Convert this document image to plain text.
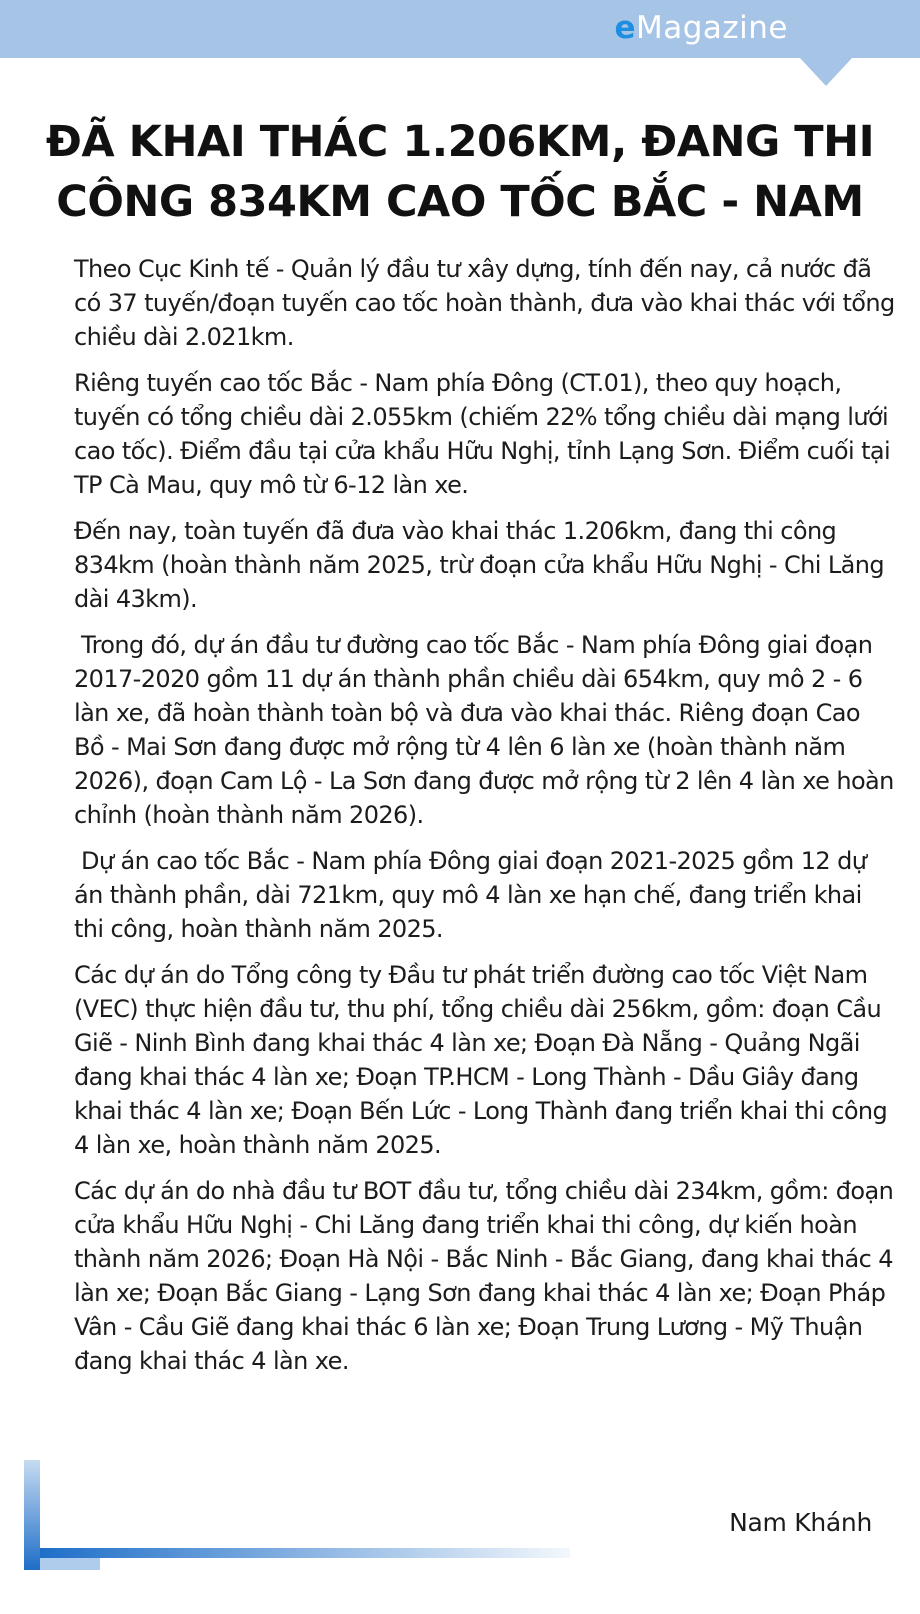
eMagazine
ĐÃ KHAI THÁC 1.206KM, ĐANG THI
CÔNG 834KM CAO TỐC BẮC - NAM

Theo Cục Kinh tế - Quản lý đầu tư xây dựng, tính đến nay, cả nước đã có 37 tuyến/đoạn tuyến cao tốc hoàn thành, đưa vào khai thác với tổng chiều dài 2.021km.

Riêng tuyến cao tốc Bắc - Nam phía Đông (CT.01), theo quy hoạch, tuyến có tổng chiều dài 2.055km (chiếm 22% tổng chiều dài mạng lưới cao tốc). Điểm đầu tại cửa khẩu Hữu Nghị, tỉnh Lạng Sơn. Điểm cuối tại TP Cà Mau, quy mô từ 6-12 làn xe.

Đến nay, toàn tuyến đã đưa vào khai thác 1.206km, đang thi công 834km (hoàn thành năm 2025, trừ đoạn cửa khẩu Hữu Nghị - Chi Lăng dài 43km).

Trong đó, dự án đầu tư đường cao tốc Bắc - Nam phía Đông giai đoạn 2017-2020 gồm 11 dự án thành phần chiều dài 654km, quy mô 2 - 6 làn xe, đã hoàn thành toàn bộ và đưa vào khai thác. Riêng đoạn Cao Bồ - Mai Sơn đang được mở rộng từ 4 lên 6 làn xe (hoàn thành năm 2026), đoạn Cam Lộ - La Sơn đang được mở rộng từ 2 lên 4 làn xe hoàn chỉnh (hoàn thành năm 2026).

Dự án cao tốc Bắc - Nam phía Đông giai đoạn 2021-2025 gồm 12 dự án thành phần, dài 721km, quy mô 4 làn xe hạn chế, đang triển khai thi công, hoàn thành năm 2025.

Các dự án do Tổng công ty Đầu tư phát triển đường cao tốc Việt Nam (VEC) thực hiện đầu tư, thu phí, tổng chiều dài 256km, gồm: đoạn Cầu Giẽ - Ninh Bình đang khai thác 4 làn xe; Đoạn Đà Nẵng - Quảng Ngãi đang khai thác 4 làn xe; Đoạn TP.HCM - Long Thành - Dầu Giây đang khai thác 4 làn xe; Đoạn Bến Lức - Long Thành đang triển khai thi công 4 làn xe, hoàn thành năm 2025.

Các dự án do nhà đầu tư BOT đầu tư, tổng chiều dài 234km, gồm: đoạn cửa khẩu Hữu Nghị - Chi Lăng đang triển khai thi công, dự kiến hoàn thành năm 2026; Đoạn Hà Nội - Bắc Ninh - Bắc Giang, đang khai thác 4 làn xe; Đoạn Bắc Giang - Lạng Sơn đang khai thác 4 làn xe; Đoạn Pháp Vân - Cầu Giẽ đang khai thác 6 làn xe; Đoạn Trung Lương - Mỹ Thuận đang khai thác 4 làn xe.

Nam Khánh
